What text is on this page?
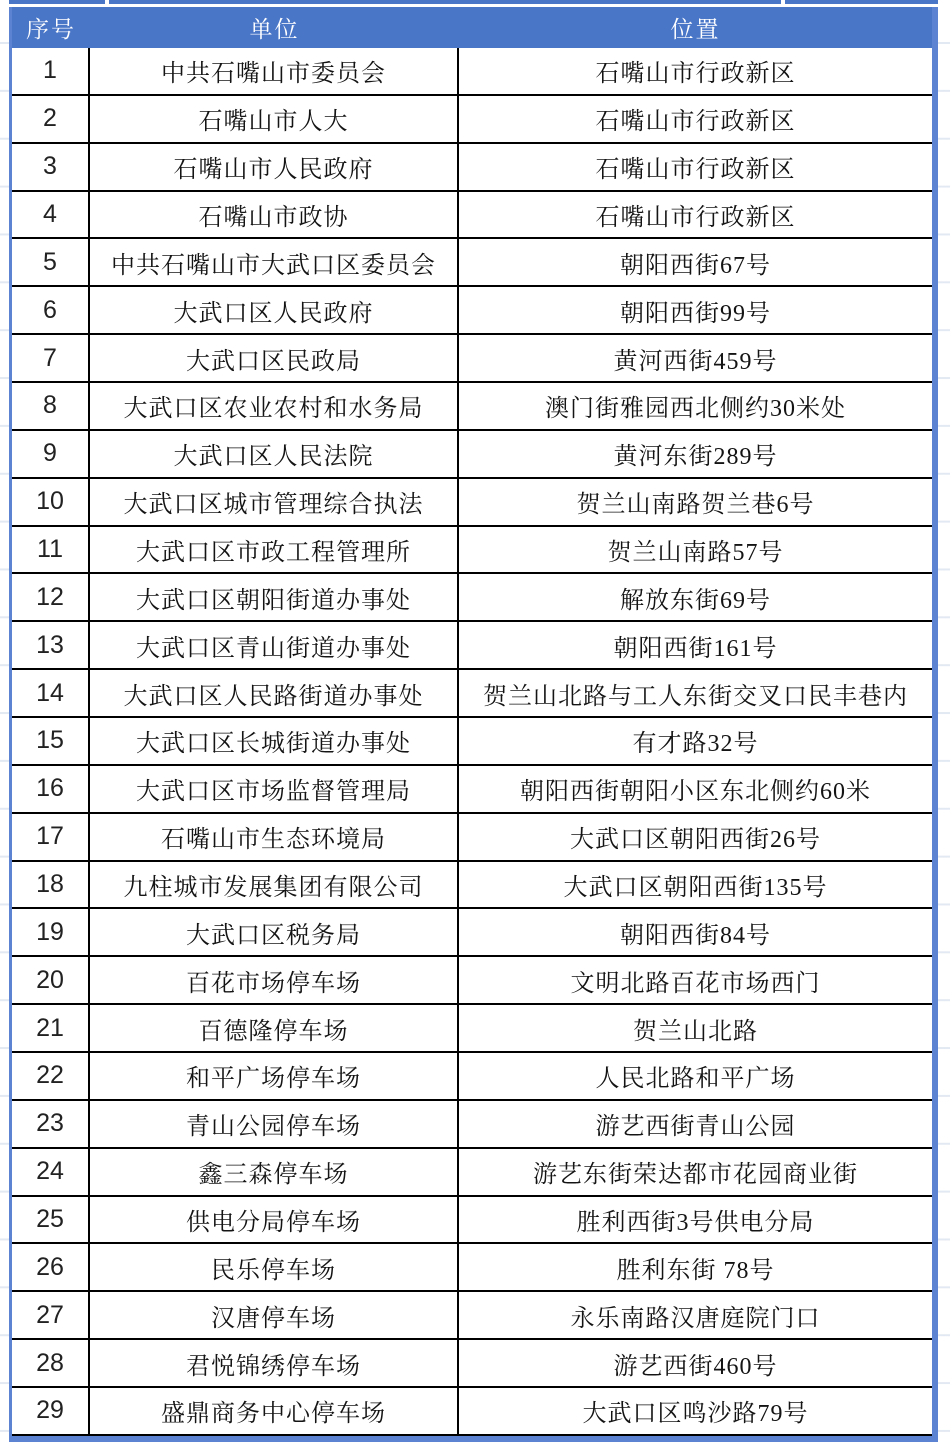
序号	单位	位置
1	中共石嘴山市委员会	石嘴山市行政新区
2	石嘴山市人大	石嘴山市行政新区
3	石嘴山市人民政府	石嘴山市行政新区
4	石嘴山市政协	石嘴山市行政新区
5	中共石嘴山市大武口区委员会	朝阳西街67号
6	大武口区人民政府	朝阳西街99号
7	大武口区民政局	黄河西街459号
8	大武口区农业农村和水务局	澳门街雅园西北侧约30米处
9	大武口区人民法院	黄河东街289号
10	大武口区城市管理综合执法	贺兰山南路贺兰巷6号
11	大武口区市政工程管理所	贺兰山南路57号
12	大武口区朝阳街道办事处	解放东街69号
13	大武口区青山街道办事处	朝阳西街161号
14	大武口区人民路街道办事处	贺兰山北路与工人东街交叉口民丰巷内
15	大武口区长城街道办事处	有才路32号
16	大武口区市场监督管理局	朝阳西街朝阳小区东北侧约60米
17	石嘴山市生态环境局	大武口区朝阳西街26号
18	九柱城市发展集团有限公司	大武口区朝阳西街135号
19	大武口区税务局	朝阳西街84号
20	百花市场停车场	文明北路百花市场西门
21	百德隆停车场	贺兰山北路
22	和平广场停车场	人民北路和平广场
23	青山公园停车场	游艺西街青山公园
24	鑫三森停车场	游艺东街荣达都市花园商业街
25	供电分局停车场	胜利西街3号供电分局
26	民乐停车场	胜利东街 78号
27	汉唐停车场	永乐南路汉唐庭院门口
28	君悦锦绣停车场	游艺西街460号
29	盛鼎商务中心停车场	大武口区鸣沙路79号
